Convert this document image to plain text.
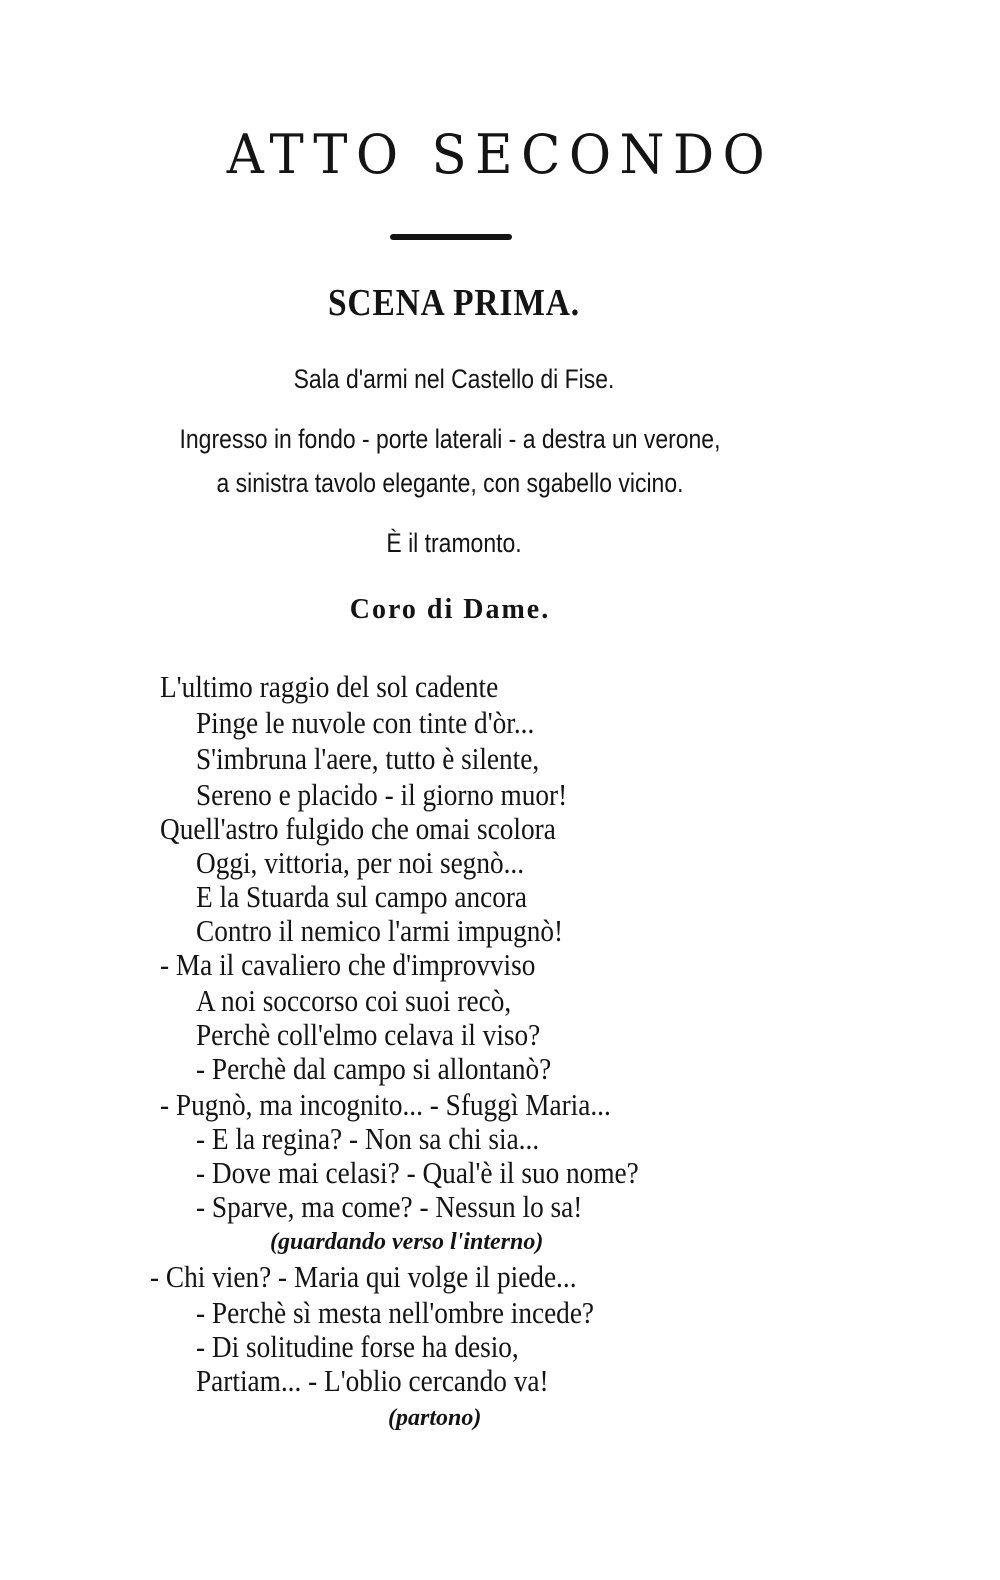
ATTO SECONDO
SCENA PRIMA.

Sala d'armi nel Castello di Fise.

Ingresso in fondo - porte laterali - a destra un verone,

a sinistra tavolo elegante, con sgabello vicino.

È il tramonto.

Coro di Dame.
L'ultimo raggio del sol cadente
Pinge le nuvole con tinte d'òr...
S'imbruna l'aere, tutto è silente,
Sereno e placido - il giorno muor!
Quell'astro fulgido che omai scolora
Oggi, vittoria, per noi segnò...
E la Stuarda sul campo ancora
Contro il nemico l'armi impugnò!
- Ma il cavaliero che d'improvviso
A noi soccorso coi suoi recò,
Perchè coll'elmo celava il viso?
- Perchè dal campo si allontanò?
- Pugnò, ma incognito... - Sfuggì Maria...
- E la regina? - Non sa chi sia...
- Dove mai celasi? - Qual'è il suo nome?
- Sparve, ma come? - Nessun lo sa!
(guardando verso l'interno)
- Chi vien? - Maria qui volge il piede...
- Perchè sì mesta nell'ombre incede?
- Di solitudine forse ha desio,
Partiam... - L'oblio cercando va!
(partono)
